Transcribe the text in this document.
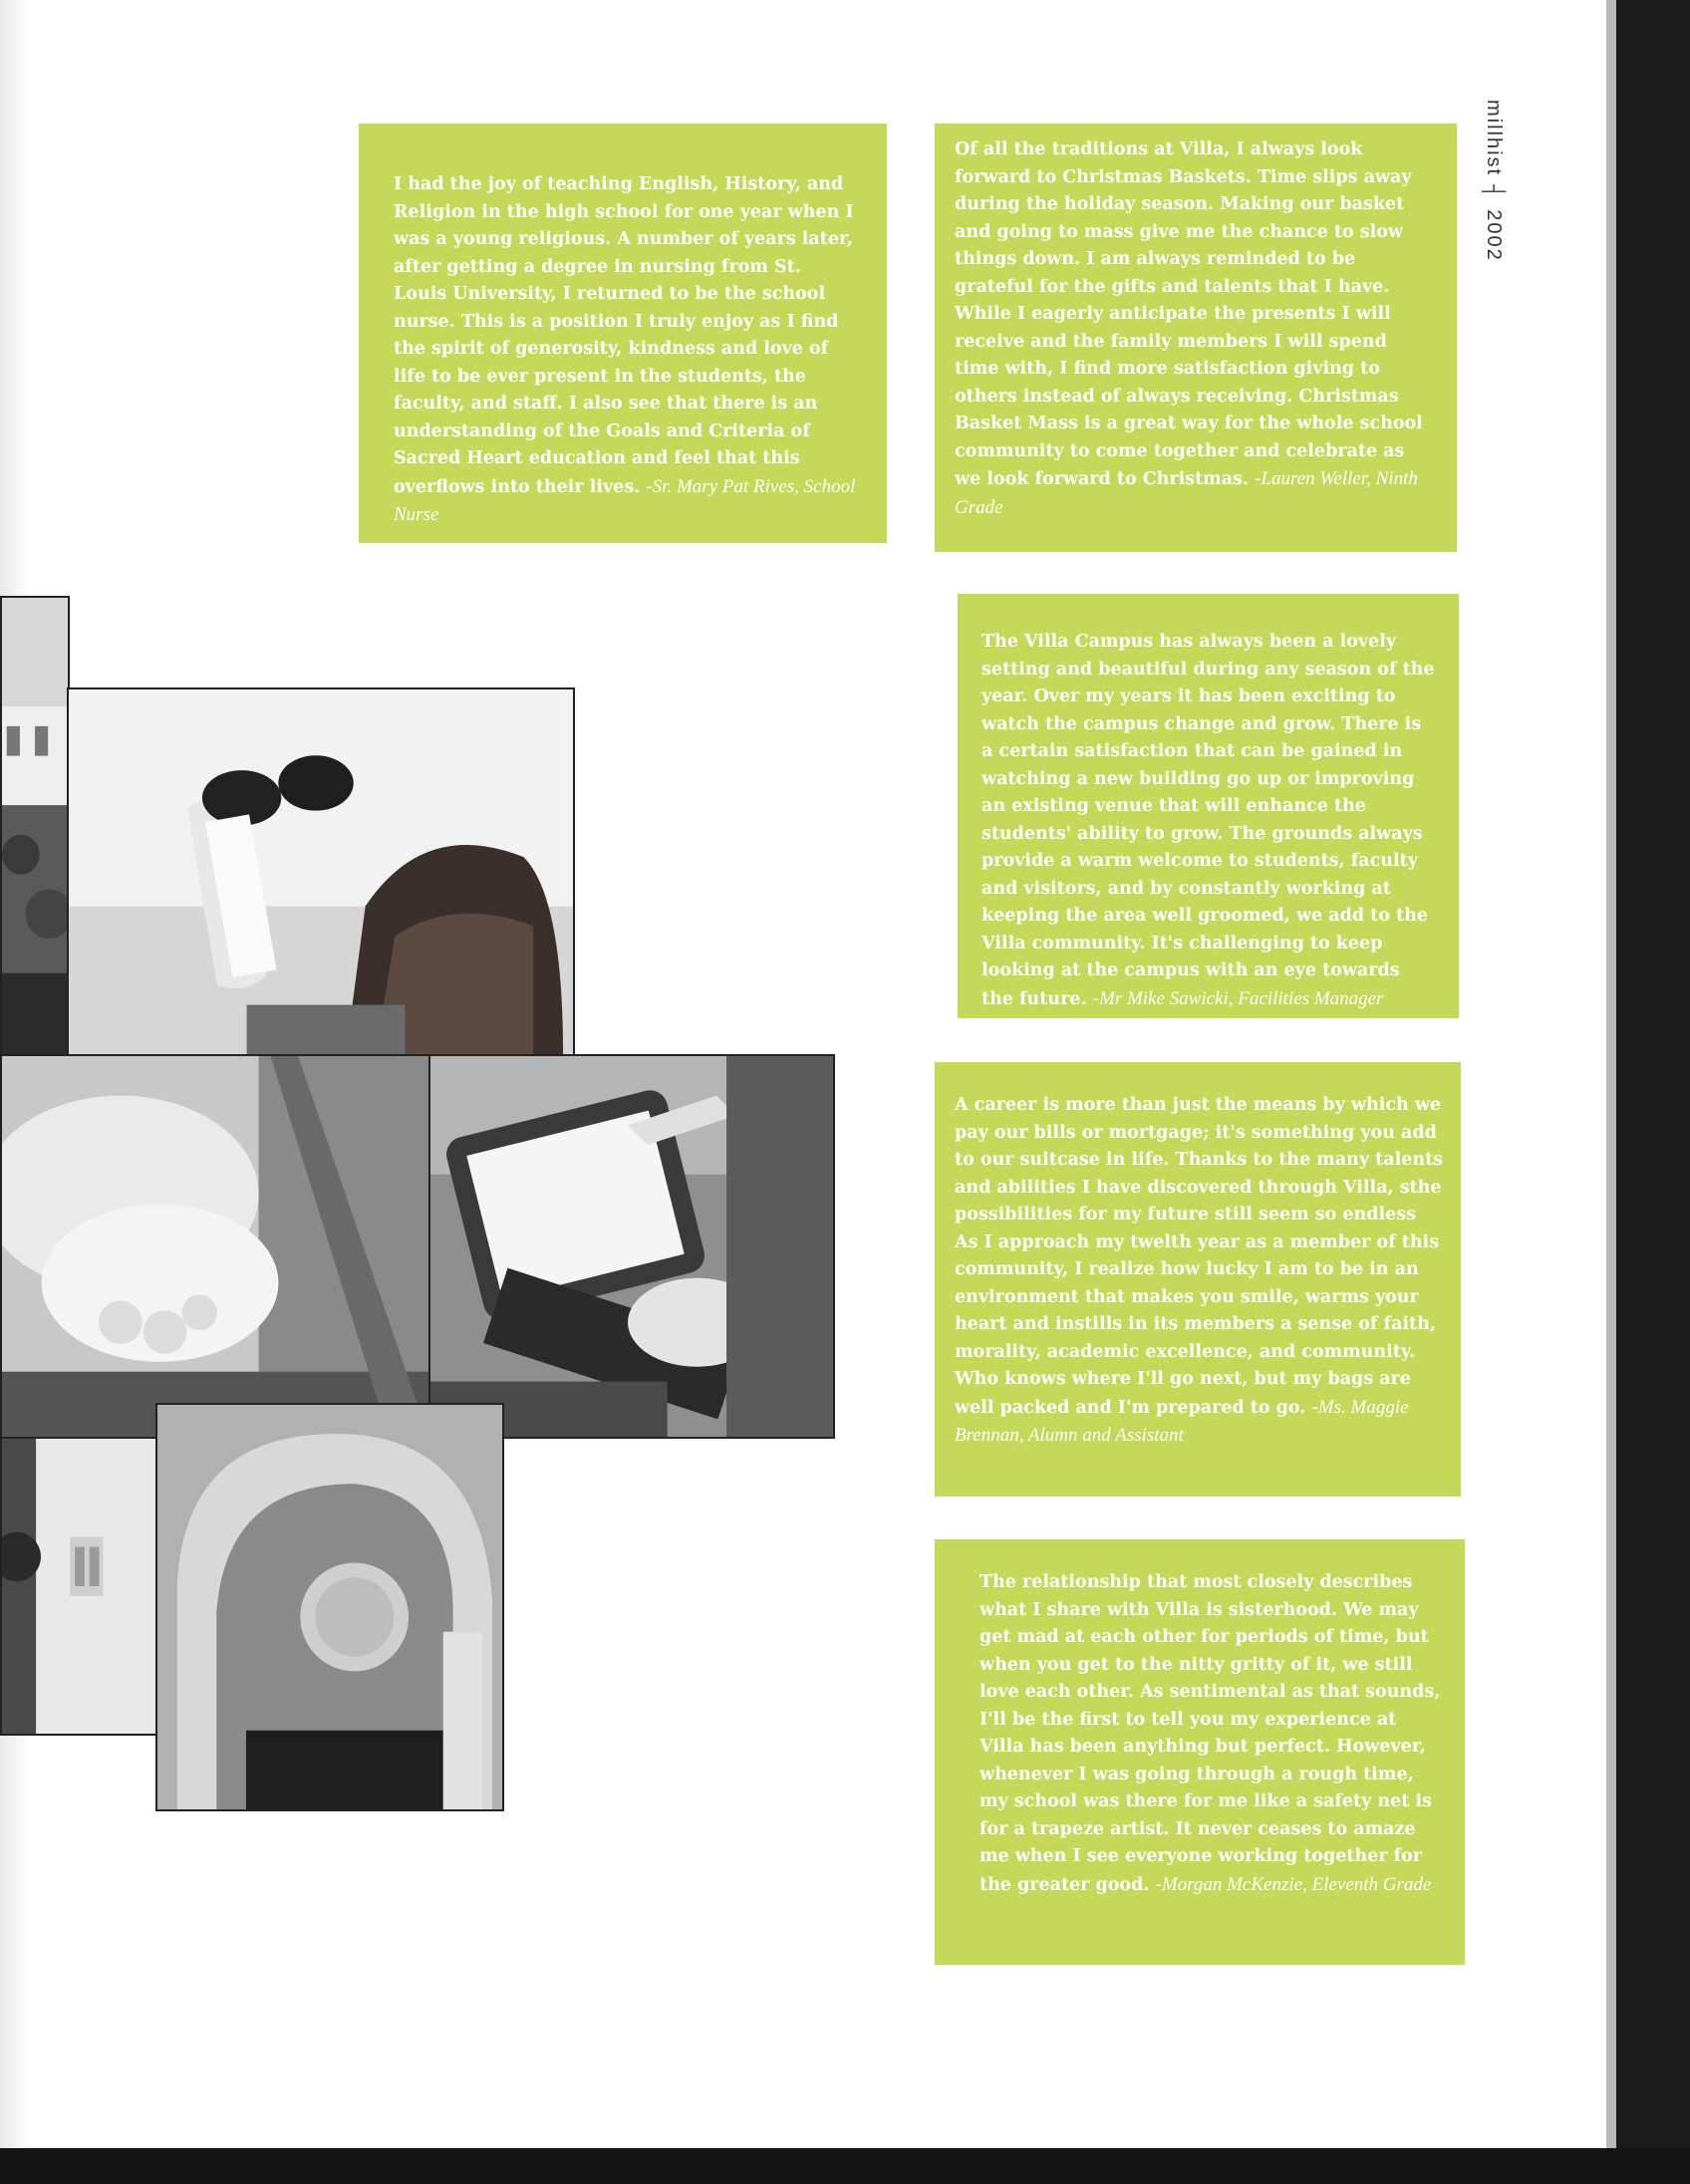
millhist ┤ 2002

I had the joy of teaching English, History, and Religion in the high school for one year when I was a young religious. A number of years later, after getting a degree in nursing from St. Louis University, I returned to be the school nurse. This is a position I truly enjoy as I find the spirit of generosity, kindness and love of life to be ever present in the students, the faculty, and staff. I also see that there is an understanding of the Goals and Criteria of Sacred Heart education and feel that this overflows into their lives. -Sr. Mary Pat Rives, School Nurse

Of all the traditions at Villa, I always look forward to Christmas Baskets. Time slips away during the holiday season. Making our basket and going to mass give me the chance to slow things down. I am always reminded to be grateful for the gifts and talents that I have. While I eagerly anticipate the presents I will receive and the family members I will spend time with, I find more satisfaction giving to others instead of always receiving. Christmas Basket Mass is a great way for the whole school community to come together and celebrate as we look forward to Christmas. -Lauren Weller, Ninth Grade

The Villa Campus has always been a lovely setting and beautiful during any season of the year. Over my years it has been exciting to watch the campus change and grow. There is a certain satisfaction that can be gained in watching a new building go up or improving an existing venue that will enhance the students' ability to grow. The grounds always provide a warm welcome to students, faculty and visitors, and by constantly working at keeping the area well groomed, we add to the Villa community. It's challenging to keep looking at the campus with an eye towards the future. -Mr Mike Sawicki, Facilities Manager

A career is more than just the means by which we pay our bills or mortgage; it's something you add to our suitcase in life. Thanks to the many talents and abilities I have discovered through Villa, sthe possibilities for my future still seem so endless As I approach my twelth year as a member of this community, I realize how lucky I am to be in an environment that makes you smile, warms your heart and instills in its members a sense of faith, morality, academic excellence, and community. Who knows where I'll go next, but my bags are well packed and I'm prepared to go. -Ms. Maggie Brennan, Alumn and Assistant

The relationship that most closely describes what I share with Villa is sisterhood. We may get mad at each other for periods of time, but when you get to the nitty gritty of it, we still love each other. As sentimental as that sounds, I'll be the first to tell you my experience at Villa has been anything but perfect. However, whenever I was going through a rough time, my school was there for me like a safety net is for a trapeze artist. It never ceases to amaze me when I see everyone working together for the greater good. -Morgan McKenzie, Eleventh Grade
